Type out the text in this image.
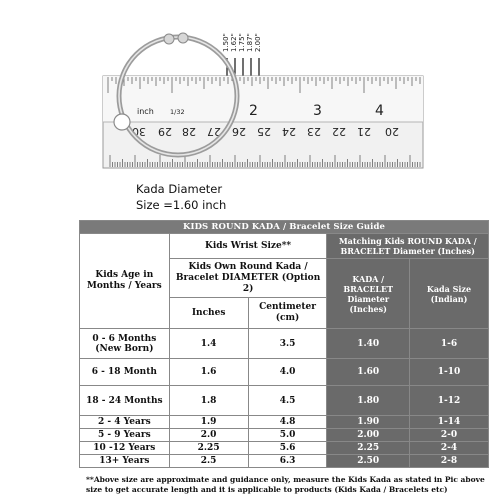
1.50" 1.62" 1.75" 1.87" 2.00"
inch 1/32	2	3	4
30 29 28 27 26 25 24 23 22 21 20
Kada Diameter
Size =1.60 inch
KIDS ROUND KADA / Bracelet Size Guide				
Kids Age in Months / Years	Kids Wrist Size**		Matching Kids ROUND KADA / BRACELET Diameter (Inches)	
	Kids Own Round Kada / Bracelet DIAMETER (Option 2)		KADA / BRACELET Diameter (Inches)	Kada Size (Indian)
	Inches	Centimeter (cm)		
0 - 6 Months (New Born)	1.4	3.5	1.40	1-6
6 - 18 Month	1.6	4.0	1.60	1-10
18 - 24 Months	1.8	4.5	1.80	1-12
2 - 4 Years	1.9	4.8	1.90	1-14
5 - 9 Years	2.0	5.0	2.00	2-0
10 -12 Years	2.25	5.6	2.25	2-4
13+ Years	2.5	6.3	2.50	2-8
**Above size are approximate and guidance only, measure the Kids Kada as stated in Pic above size to get accurate length and it is applicable to products (Kids Kada / Bracelets etc)
